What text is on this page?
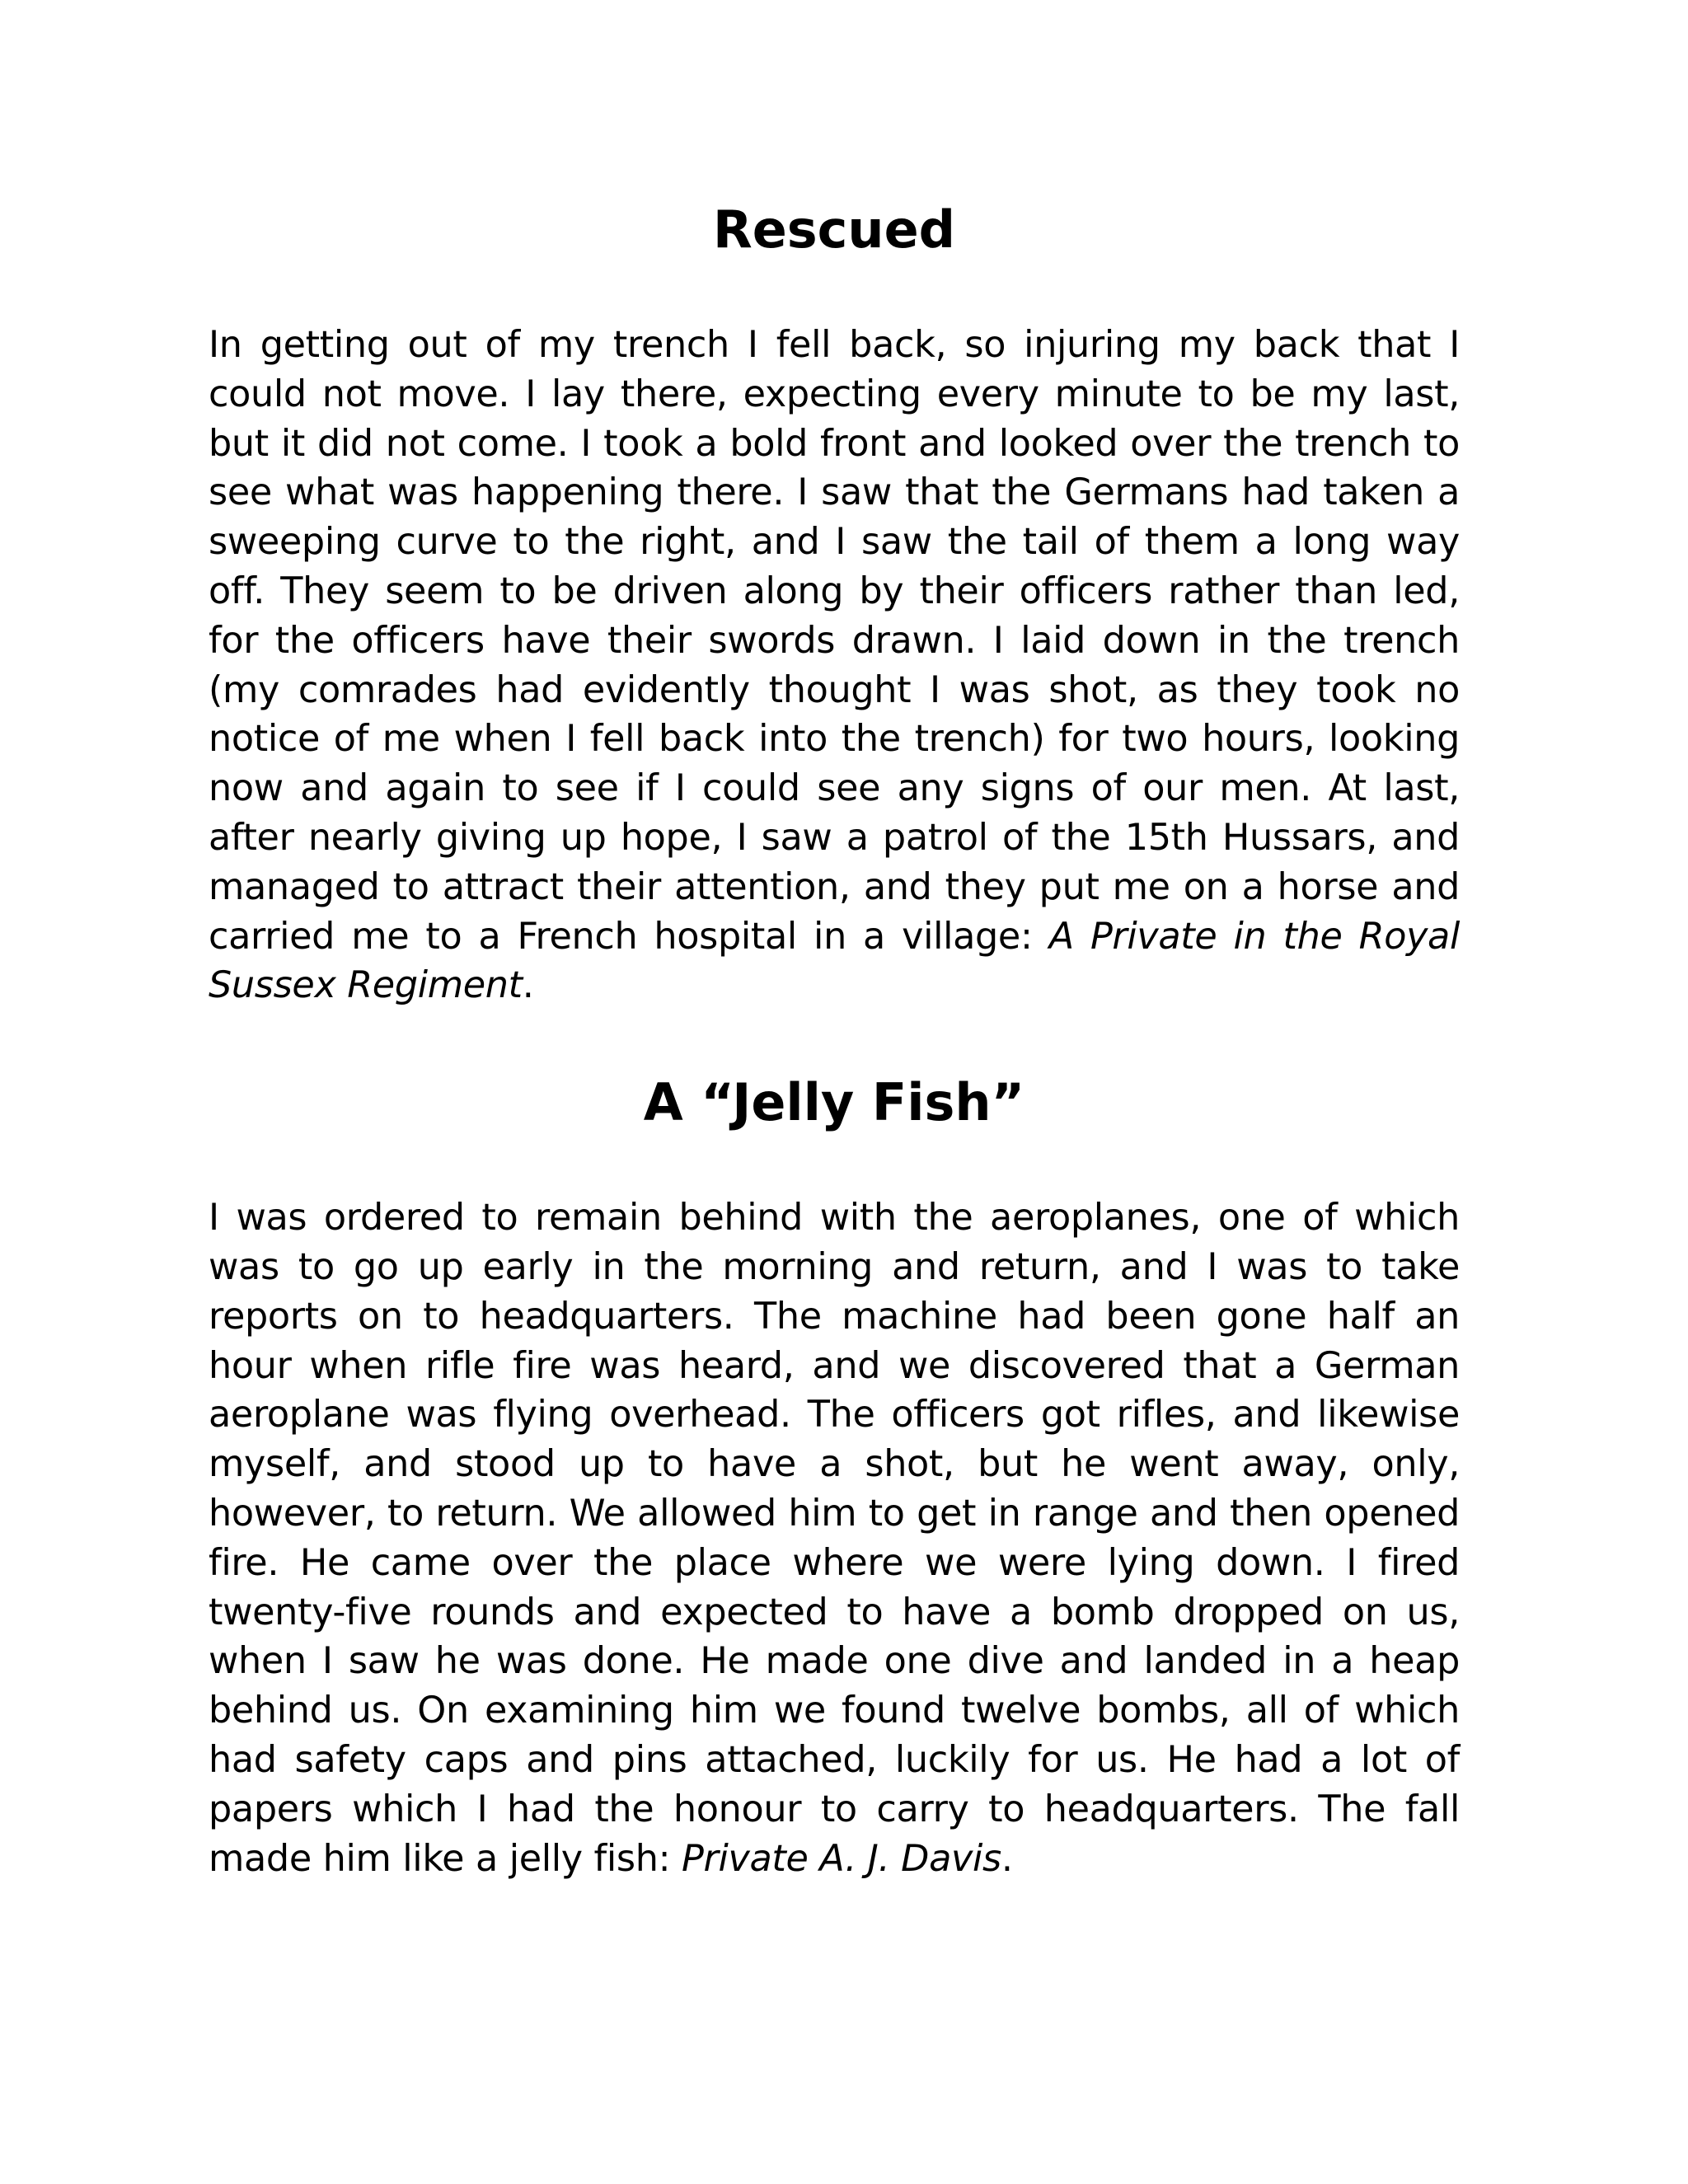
Rescued

In getting out of my trench I fell back, so injuring my back that I could not move. I lay there, expecting every minute to be my last, but it did not come. I took a bold front and looked over the trench to see what was happening there. I saw that the Germans had taken a sweeping curve to the right, and I saw the tail of them a long way off. They seem to be driven along by their officers rather than led, for the officers have their swords drawn. I laid down in the trench (my comrades had evidently thought I was shot, as they took no notice of me when I fell back into the trench) for two hours, looking now and again to see if I could see any signs of our men. At last, after nearly giving up hope, I saw a patrol of the 15th Hussars, and managed to attract their attention, and they put me on a horse and carried me to a French hospital in a village: A Private in the Royal Sussex Regiment.

A “Jelly Fish”

I was ordered to remain behind with the aeroplanes, one of which was to go up early in the morning and return, and I was to take reports on to headquarters. The machine had been gone half an hour when rifle fire was heard, and we discovered that a German aeroplane was flying overhead. The officers got rifles, and likewise myself, and stood up to have a shot, but he went away, only, however, to return. We allowed him to get in range and then opened fire. He came over the place where we were lying down. I fired twenty-five rounds and expected to have a bomb dropped on us, when I saw he was done. He made one dive and landed in a heap behind us. On examining him we found twelve bombs, all of which had safety caps and pins attached, luckily for us. He had a lot of papers which I had the honour to carry to headquarters. The fall made him like a jelly fish: Private A. J. Davis.
